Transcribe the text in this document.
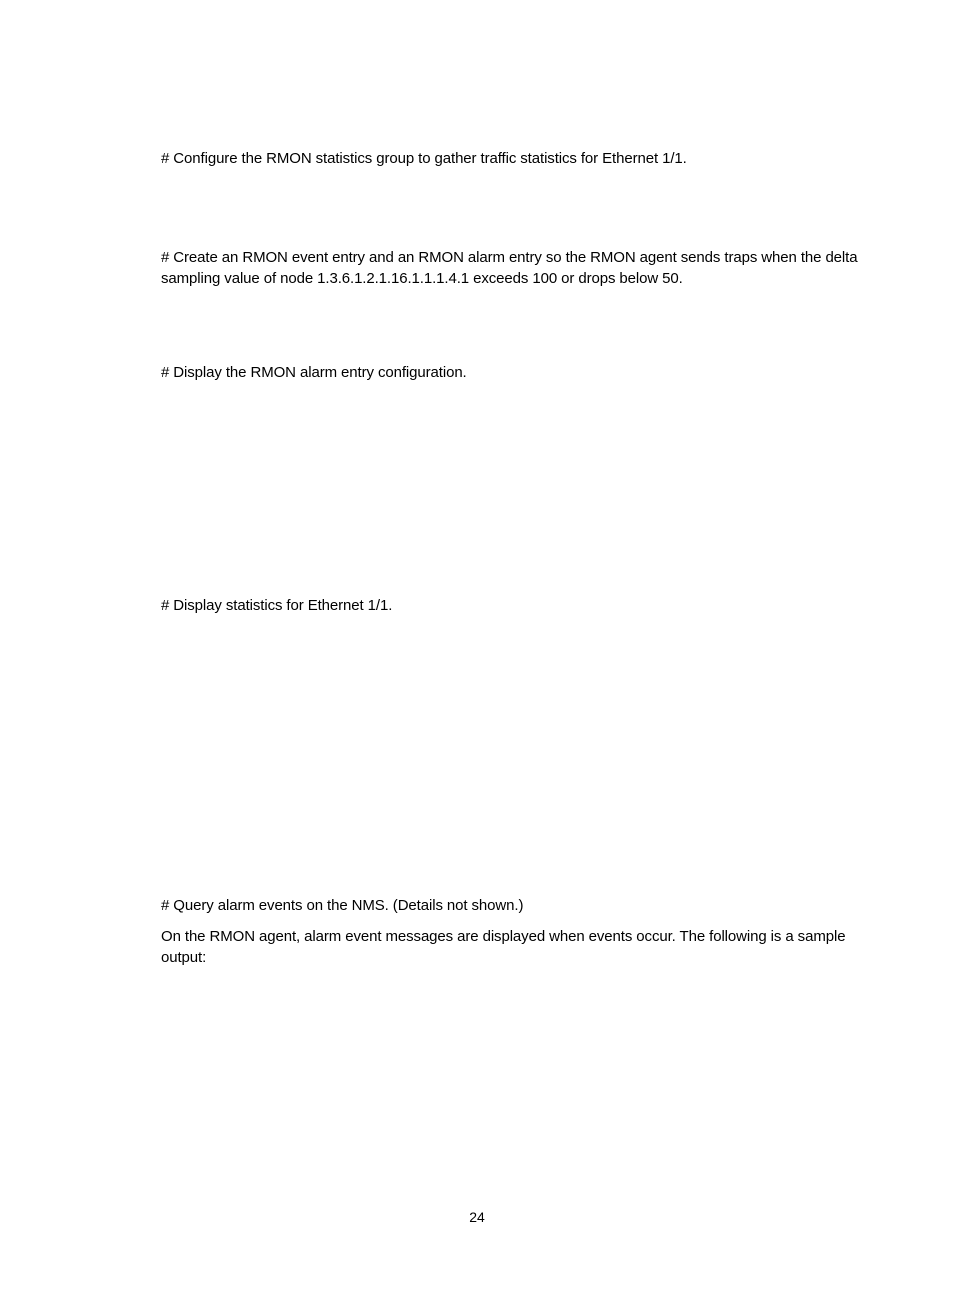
# Configure the RMON statistics group to gather traffic statistics for Ethernet 1/1.

# Create an RMON event entry and an RMON alarm entry so the RMON agent sends traps when the delta sampling value of node 1.3.6.1.2.1.16.1.1.1.4.1 exceeds 100 or drops below 50.

# Display the RMON alarm entry configuration.

# Display statistics for Ethernet 1/1.

# Query alarm events on the NMS. (Details not shown.)

On the RMON agent, alarm event messages are displayed when events occur. The following is a sample output:

24
